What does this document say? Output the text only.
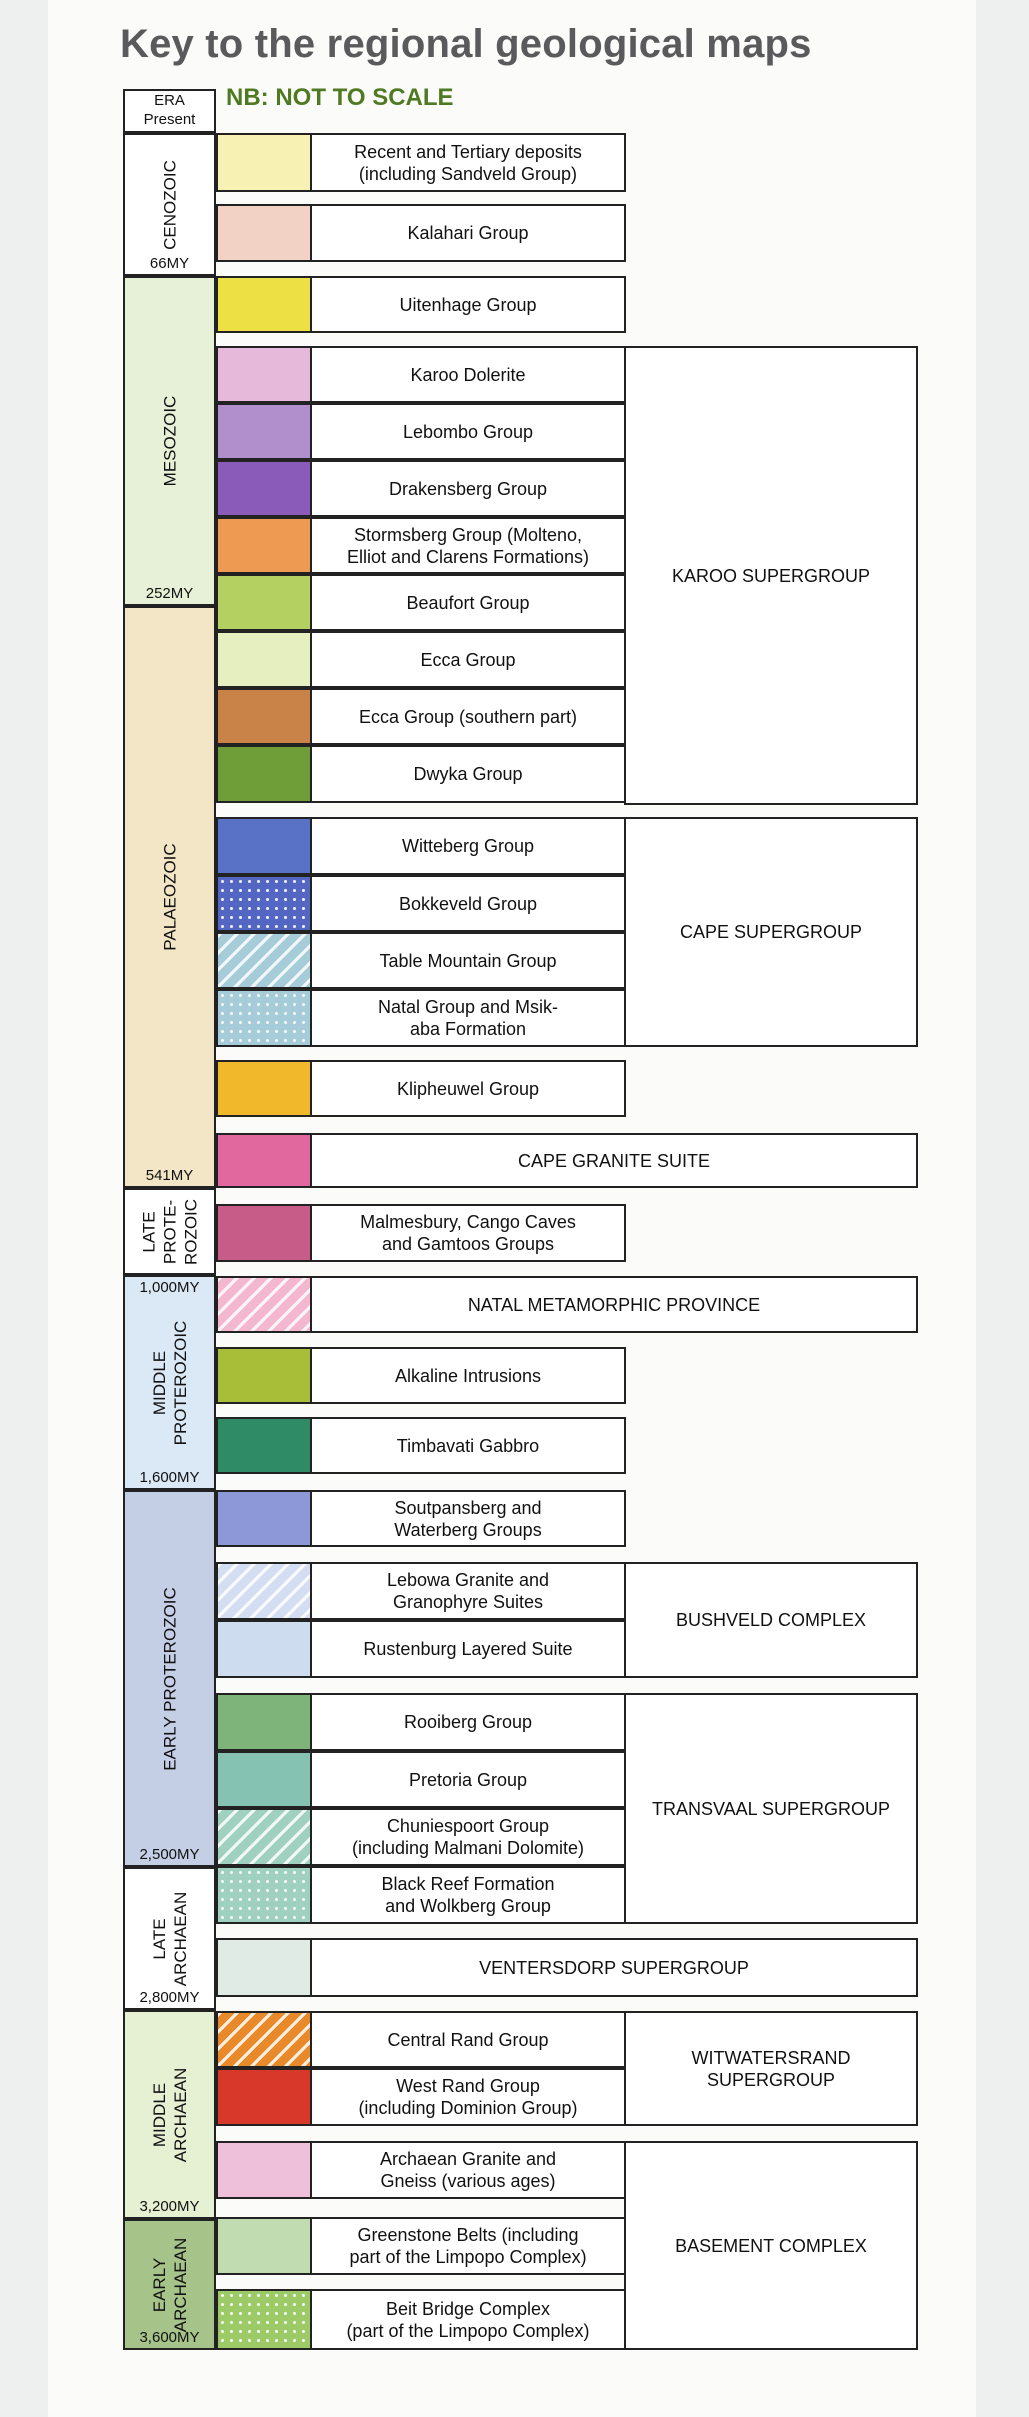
Key to the regional geological maps
NB: NOT TO SCALE
ERA
Present
CENOZOIC
66MY
MESOZOIC
252MY
PALAEOZOIC
541MY
LATE PROTE- ROZOIC
MIDDLE PROTEROZOIC
1,000MY
1,600MY
EARLY PROTEROZOIC
2,500MY
LATE ARCHAEAN
2,800MY
MIDDLE ARCHAEAN
3,200MY
EARLY ARCHAEAN
3,600MY
Recent and Tertiary deposits
(including Sandveld Group)
Kalahari Group
Uitenhage Group
Karoo Dolerite
Lebombo Group
Drakensberg Group
Stormsberg Group (Molteno,
Elliot and Clarens Formations)
Beaufort Group
Ecca Group
Ecca Group (southern part)
Dwyka Group
Witteberg Group
Bokkeveld Group
Table Mountain Group
Natal Group and Msik-
aba Formation
Klipheuwel Group
CAPE GRANITE SUITE
Malmesbury, Cango Caves
and Gamtoos Groups
NATAL METAMORPHIC PROVINCE
Alkaline Intrusions
Timbavati Gabbro
Soutpansberg and
Waterberg Groups
Lebowa Granite and
Granophyre Suites
Rustenburg Layered Suite
Rooiberg Group
Pretoria Group
Chuniespoort Group
(including Malmani Dolomite)
Black Reef Formation
and Wolkberg Group
VENTERSDORP SUPERGROUP
Central Rand Group
West Rand Group
(including Dominion Group)
Archaean Granite and
Gneiss (various ages)
Greenstone Belts (including
part of the Limpopo Complex)
Beit Bridge Complex
(part of the Limpopo Complex)
KAROO SUPERGROUP
CAPE SUPERGROUP
BUSHVELD COMPLEX
TRANSVAAL SUPERGROUP
WITWATERSRAND
SUPERGROUP
BASEMENT COMPLEX
